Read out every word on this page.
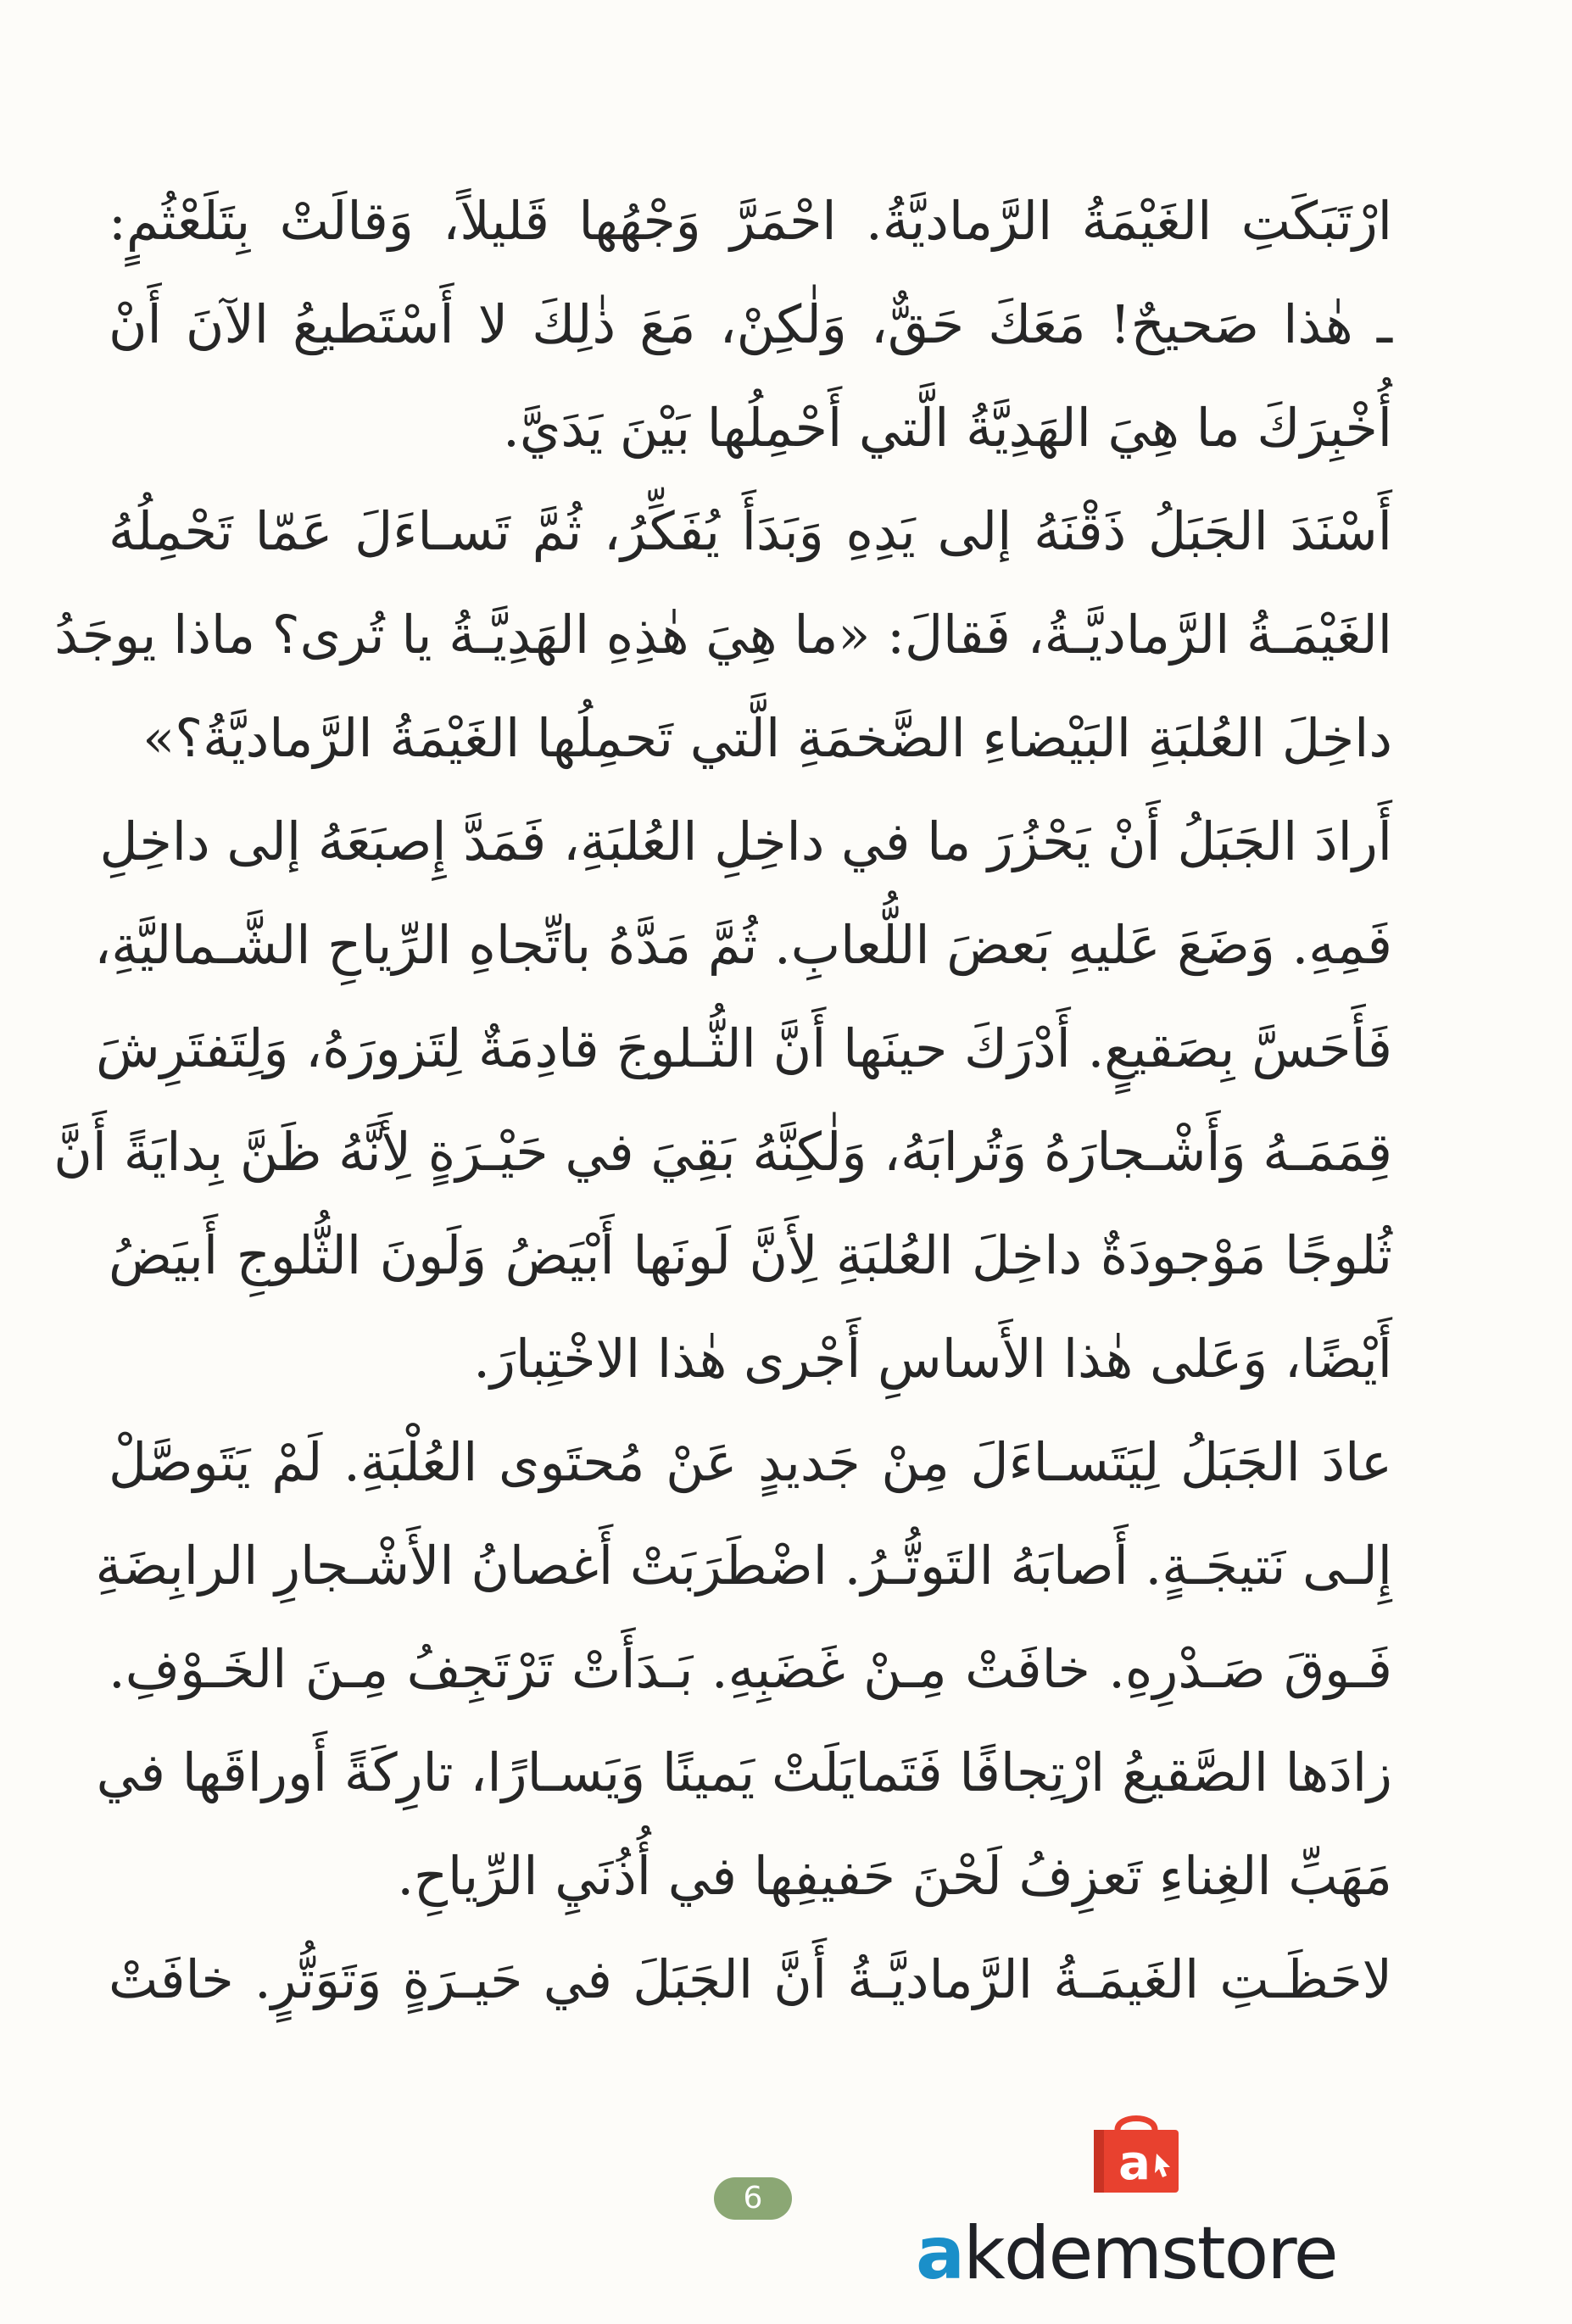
ارْتَبَكَتِ الغَيْمَةُ الرَّماديَّةُ. احْمَرَّ وَجْهُها قَليلاً، وَقالَتْ بِتَلَعْثُمٍ:
ـ هٰذا صَحيحٌ! مَعَكَ حَقٌّ، وَلٰكِنْ، مَعَ ذٰلِكَ لا أَسْتَطيعُ الآنَ أَنْ
أُخْبِرَكَ ما هِيَ الهَدِيَّةُ الَّتي أَحْمِلُها بَيْنَ يَدَيَّ.
أَسْنَدَ الجَبَلُ ذَقْنَهُ إلى يَدِهِ وَبَدَأَ يُفَكِّرُ، ثُمَّ تَسـاءَلَ عَمّا تَحْمِلُهُ
الغَيْمَـةُ الرَّماديَّـةُ، فَقالَ: «ما هِيَ هٰذِهِ الهَدِيَّـةُ يا تُرى؟ ماذا يوجَدُ
داخِلَ العُلبَةِ البَيْضاءِ الضَّخمَةِ الَّتي تَحمِلُها الغَيْمَةُ الرَّماديَّةُ؟»
أَرادَ الجَبَلُ أَنْ يَحْزُرَ ما في داخِلِ العُلبَةِ، فَمَدَّ إِصبَعَهُ إلى داخِلِ
فَمِهِ. وَضَعَ عَليهِ بَعضَ اللُّعابِ. ثُمَّ مَدَّهُ باتِّجاهِ الرِّياحِ الشَّـماليَّةِ،
فَأَحَسَّ بِصَقيعٍ. أَدْرَكَ حينَها أَنَّ الثُّـلوجَ قادِمَةٌ لِتَزورَهُ، وَلِتَفتَرِشَ
قِمَمَـهُ وَأَشْـجارَهُ وَتُرابَهُ، وَلٰكِنَّهُ بَقِيَ في حَيْـرَةٍ لِأَنَّهُ ظَنَّ بِدايَةً أَنَّ
ثُلوجًا مَوْجودَةٌ داخِلَ العُلبَةِ لِأَنَّ لَونَها أَبْيَضُ وَلَونَ الثُّلوجِ أَبيَضُ
أَيْضًا، وَعَلى هٰذا الأَساسِ أَجْرى هٰذا الاخْتِبارَ.
عادَ الجَبَلُ لِيَتَسـاءَلَ مِنْ جَديدٍ عَنْ مُحتَوى العُلْبَةِ. لَمْ يَتَوصَّلْ
إِلـى نَتيجَـةٍ. أَصابَهُ التَوتُّـرُ. اضْطَرَبَتْ أَغصانُ الأَشْـجارِ الرابِضَةِ
فَـوقَ صَـدْرِهِ. خافَتْ مِـنْ غَضَبِهِ. بَـدَأَتْ تَرْتَجِفُ مِـنَ الخَـوْفِ.
زادَها الصَّقيعُ ارْتِجافًا فَتَمايَلَتْ يَمينًا وَيَسـارًا، تارِكَةً أَوراقَها في
مَهَبِّ الغِناءِ تَعزِفُ لَحْنَ حَفيفِها في أُذُنَيِ الرِّياحِ.
لاحَظَـتِ الغَيمَـةُ الرَّماديَّـةُ أَنَّ الجَبَلَ في حَيـرَةٍ وَتَوَتُّرٍ. خافَتْ
6
a
akdemstore
